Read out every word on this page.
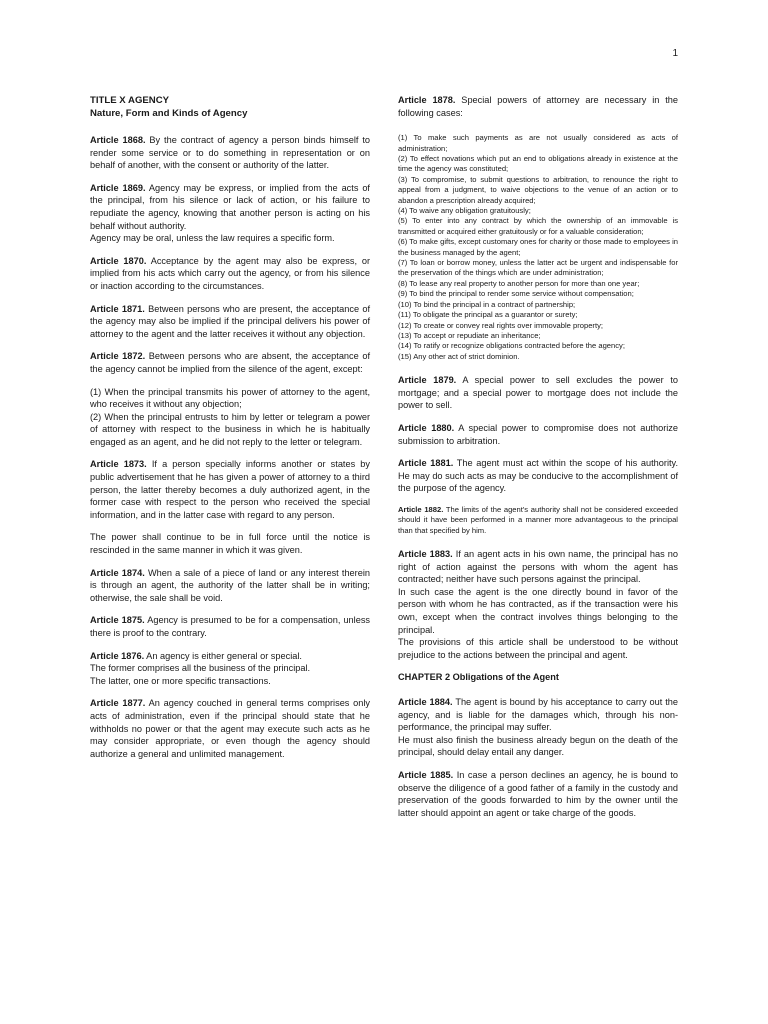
1
TITLE X AGENCY
Nature, Form and Kinds of Agency

Article 1868. By the contract of agency a person binds himself to render some service or to do something in representation or on behalf of another, with the consent or authority of the latter.

Article 1869. Agency may be express, or implied from the acts of the principal, from his silence or lack of action, or his failure to repudiate the agency, knowing that another person is acting on his behalf without authority.

Agency may be oral, unless the law requires a specific form.

Article 1870. Acceptance by the agent may also be express, or implied from his acts which carry out the agency, or from his silence or inaction according to the circumstances.

Article 1871. Between persons who are present, the acceptance of the agency may also be implied if the principal delivers his power of attorney to the agent and the latter receives it without any objection.

Article 1872. Between persons who are absent, the acceptance of the agency cannot be implied from the silence of the agent, except:

(1) When the principal transmits his power of attorney to the agent, who receives it without any objection;

(2) When the principal entrusts to him by letter or telegram a power of attorney with respect to the business in which he is habitually engaged as an agent, and he did not reply to the letter or telegram.

Article 1873. If a person specially informs another or states by public advertisement that he has given a power of attorney to a third person, the latter thereby becomes a duly authorized agent, in the former case with respect to the person who received the special information, and in the latter case with regard to any person.

The power shall continue to be in full force until the notice is rescinded in the same manner in which it was given.

Article 1874. When a sale of a piece of land or any interest therein is through an agent, the authority of the latter shall be in writing; otherwise, the sale shall be void.

Article 1875. Agency is presumed to be for a compensation, unless there is proof to the contrary.

Article 1876. An agency is either general or special.

The former comprises all the business of the principal.

The latter, one or more specific transactions.

Article 1877. An agency couched in general terms comprises only acts of administration, even if the principal should state that he withholds no power or that the agent may execute such acts as he may consider appropriate, or even though the agency should authorize a general and unlimited management.

Article 1878. Special powers of attorney are necessary in the following cases:

(1) To make such payments as are not usually considered as acts of administration;

(2) To effect novations which put an end to obligations already in existence at the time the agency was constituted;

(3) To compromise, to submit questions to arbitration, to renounce the right to appeal from a judgment, to waive objections to the venue of an action or to abandon a prescription already acquired;

(4) To waive any obligation gratuitously;

(5) To enter into any contract by which the ownership of an immovable is transmitted or acquired either gratuitously or for a valuable consideration;

(6) To make gifts, except customary ones for charity or those made to employees in the business managed by the agent;

(7) To loan or borrow money, unless the latter act be urgent and indispensable for the preservation of the things which are under administration;

(8) To lease any real property to another person for more than one year;

(9) To bind the principal to render some service without compensation;

(10) To bind the principal in a contract of partnership;

(11) To obligate the principal as a guarantor or surety;

(12) To create or convey real rights over immovable property;

(13) To accept or repudiate an inheritance;

(14) To ratify or recognize obligations contracted before the agency;

(15) Any other act of strict dominion.

Article 1879. A special power to sell excludes the power to mortgage; and a special power to mortgage does not include the power to sell.

Article 1880. A special power to compromise does not authorize submission to arbitration.

Article 1881. The agent must act within the scope of his authority. He may do such acts as may be conducive to the accomplishment of the purpose of the agency.

Article 1882. The limits of the agent's authority shall not be considered exceeded should it have been performed in a manner more advantageous to the principal than that specified by him.

Article 1883. If an agent acts in his own name, the principal has no right of action against the persons with whom the agent has contracted; neither have such persons against the principal.

In such case the agent is the one directly bound in favor of the person with whom he has contracted, as if the transaction were his own, except when the contract involves things belonging to the principal.

The provisions of this article shall be understood to be without prejudice to the actions between the principal and agent.

CHAPTER 2 Obligations of the Agent

Article 1884. The agent is bound by his acceptance to carry out the agency, and is liable for the damages which, through his non- performance, the principal may suffer.

He must also finish the business already begun on the death of the principal, should delay entail any danger.

Article 1885. In case a person declines an agency, he is bound to observe the diligence of a good father of a family in the custody and preservation of the goods forwarded to him by the owner until the latter should appoint an agent or take charge of the goods.
